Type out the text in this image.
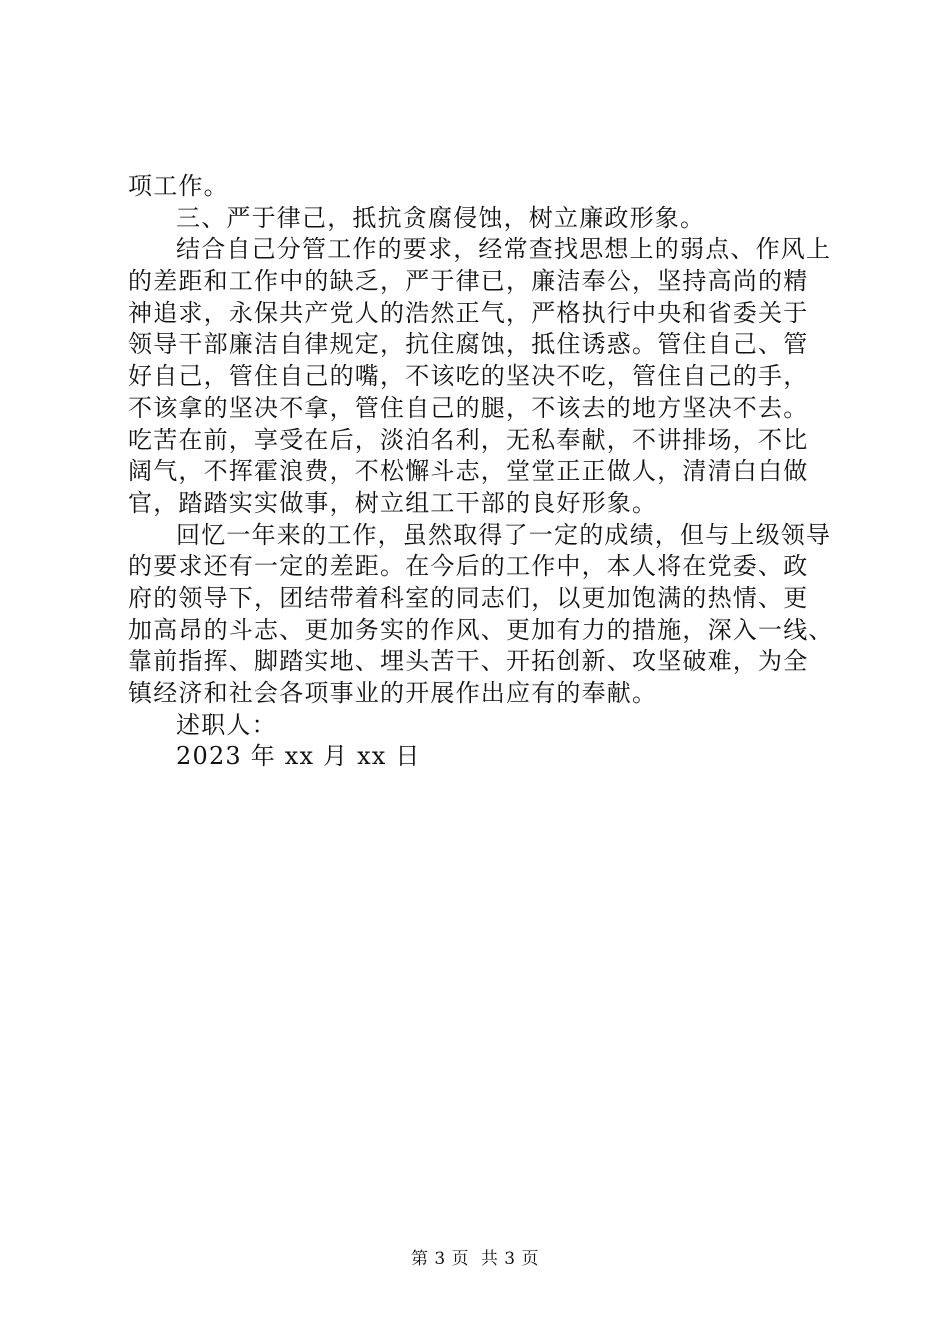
项工作。
三、严于律己，抵抗贪腐侵蚀，树立廉政形象。
结合自己分管工作的要求，经常查找思想上的弱点、作风上
的差距和工作中的缺乏，严于律已，廉洁奉公，坚持高尚的精
神追求，永保共产党人的浩然正气，严格执行中央和省委关于
领导干部廉洁自律规定，抗住腐蚀，抵住诱惑。管住自己、管
好自己，管住自己的嘴，不该吃的坚决不吃，管住自己的手，
不该拿的坚决不拿，管住自己的腿，不该去的地方坚决不去。
吃苦在前，享受在后，淡泊名利，无私奉献，不讲排场，不比
阔气，不挥霍浪费，不松懈斗志，堂堂正正做人，清清白白做
官，踏踏实实做事，树立组工干部的良好形象。
回忆一年来的工作，虽然取得了一定的成绩，但与上级领导
的要求还有一定的差距。在今后的工作中，本人将在党委、政
府的领导下，团结带着科室的同志们，以更加饱满的热情、更
加高昂的斗志、更加务实的作风、更加有力的措施，深入一线、
靠前指挥、脚踏实地、埋头苦干、开拓创新、攻坚破难，为全
镇经济和社会各项事业的开展作出应有的奉献。
述职人：
2023 年 xx 月 xx 日
第 3 页  共 3 页
